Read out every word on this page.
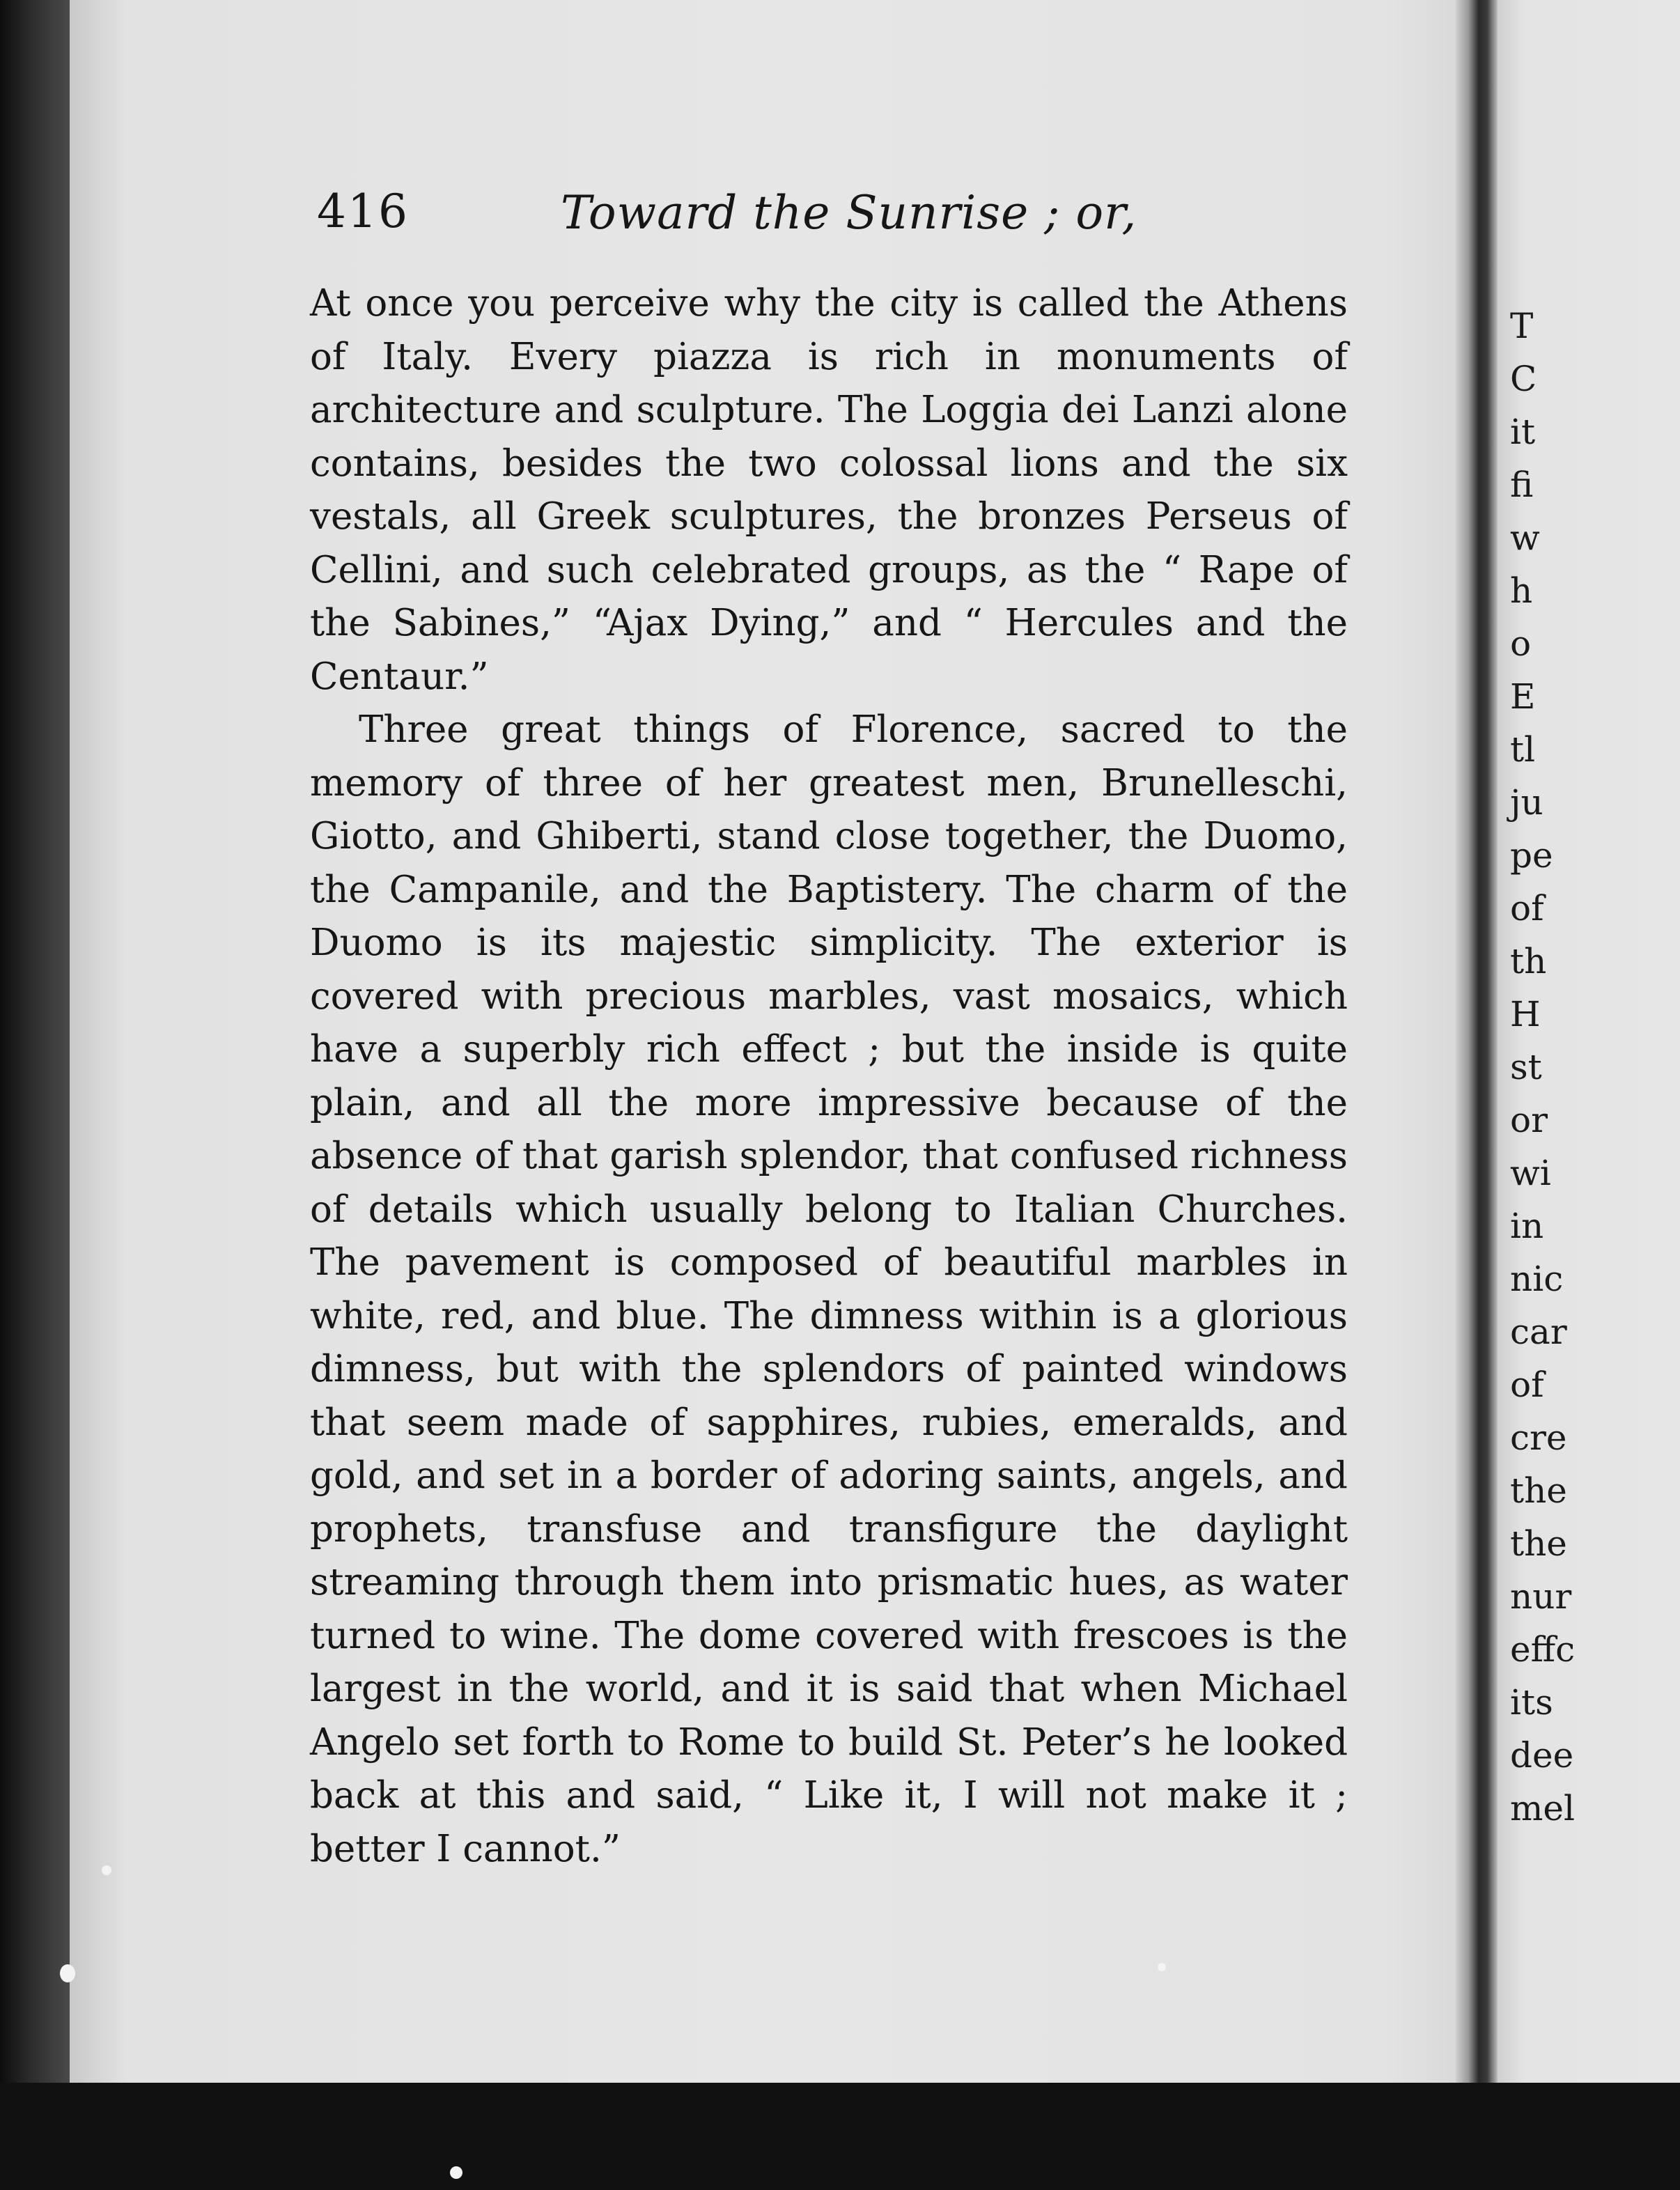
416	Toward the Sunrise ; or,

At once you perceive why the city is called the Athens of Italy. Every piazza is rich in monuments of architecture and sculpture. The Loggia dei Lanzi alone contains, besides the two colossal lions and the six vestals, all Greek sculptures, the bronzes Perseus of Cellini, and such celebrated groups, as the “ Rape of the Sabines,” “Ajax Dying,” and “ Hercules and the Centaur.”

Three great things of Florence, sacred to the memory of three of her greatest men, Brunelleschi, Giotto, and Ghiberti, stand close together, the Duomo, the Campanile, and the Baptistery. The charm of the Duomo is its majestic simplicity. The exterior is covered with precious marbles, vast mosaics, which have a superbly rich effect ; but the inside is quite plain, and all the more impressive because of the absence of that garish splendor, that confused richness of details which usually belong to Italian Churches. The pavement is composed of beautiful marbles in white, red, and blue. The dimness within is a glorious dimness, but with the splendors of painted windows that seem made of sapphires, rubies, emeralds, and gold, and set in a border of adoring saints, angels, and prophets, transfuse and transfigure the daylight streaming through them into prismatic hues, as water turned to wine. The dome covered with frescoes is the largest in the world, and it is said that when Michael Angelo set forth to Rome to build St. Peter’s he looked back at this and said, “ Like it, I will not make it ; better I cannot.”

T
C
it
fi
w
h
o
E
tl
ju
pe
of
th
H
st
or
wi
in
nic
car
of
cre
the
the
nur
effc
its
dee
mel
